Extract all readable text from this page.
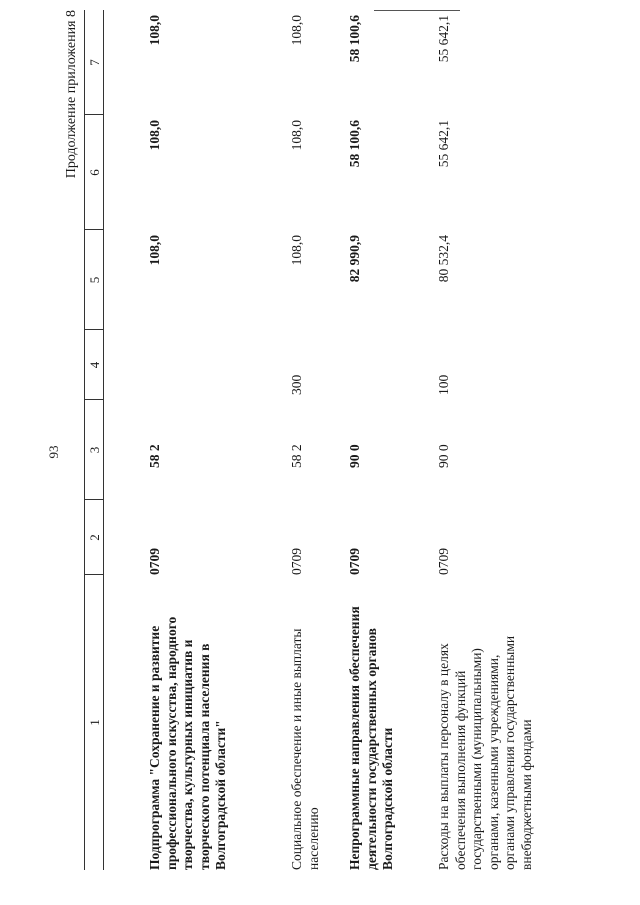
93
Продолжение приложения 8
1
2
3
4
5
6
7
Подпрограмма "Сохранение и развитие профессионального искусства, народного творчества, культурных инициатив и творческого потенциала населения в Волгоградской области"
0709
58 2
108,0
108,0
108,0
Социальное обеспечение и иные выплаты населению
0709
58 2
300
108,0
108,0
108,0
Непрограммные направления обеспечения деятельности государственных органов Волгоградской области
0709
90 0
82 990,9
58 100,6
58 100,6
Расходы на выплаты персоналу в целях обеспечения выполнения функций государственными (муниципальными) органами, казенными учреждениями, органами управления государственными внебюджетными фондами
0709
90 0
100
80 532,4
55 642,1
55 642,1
